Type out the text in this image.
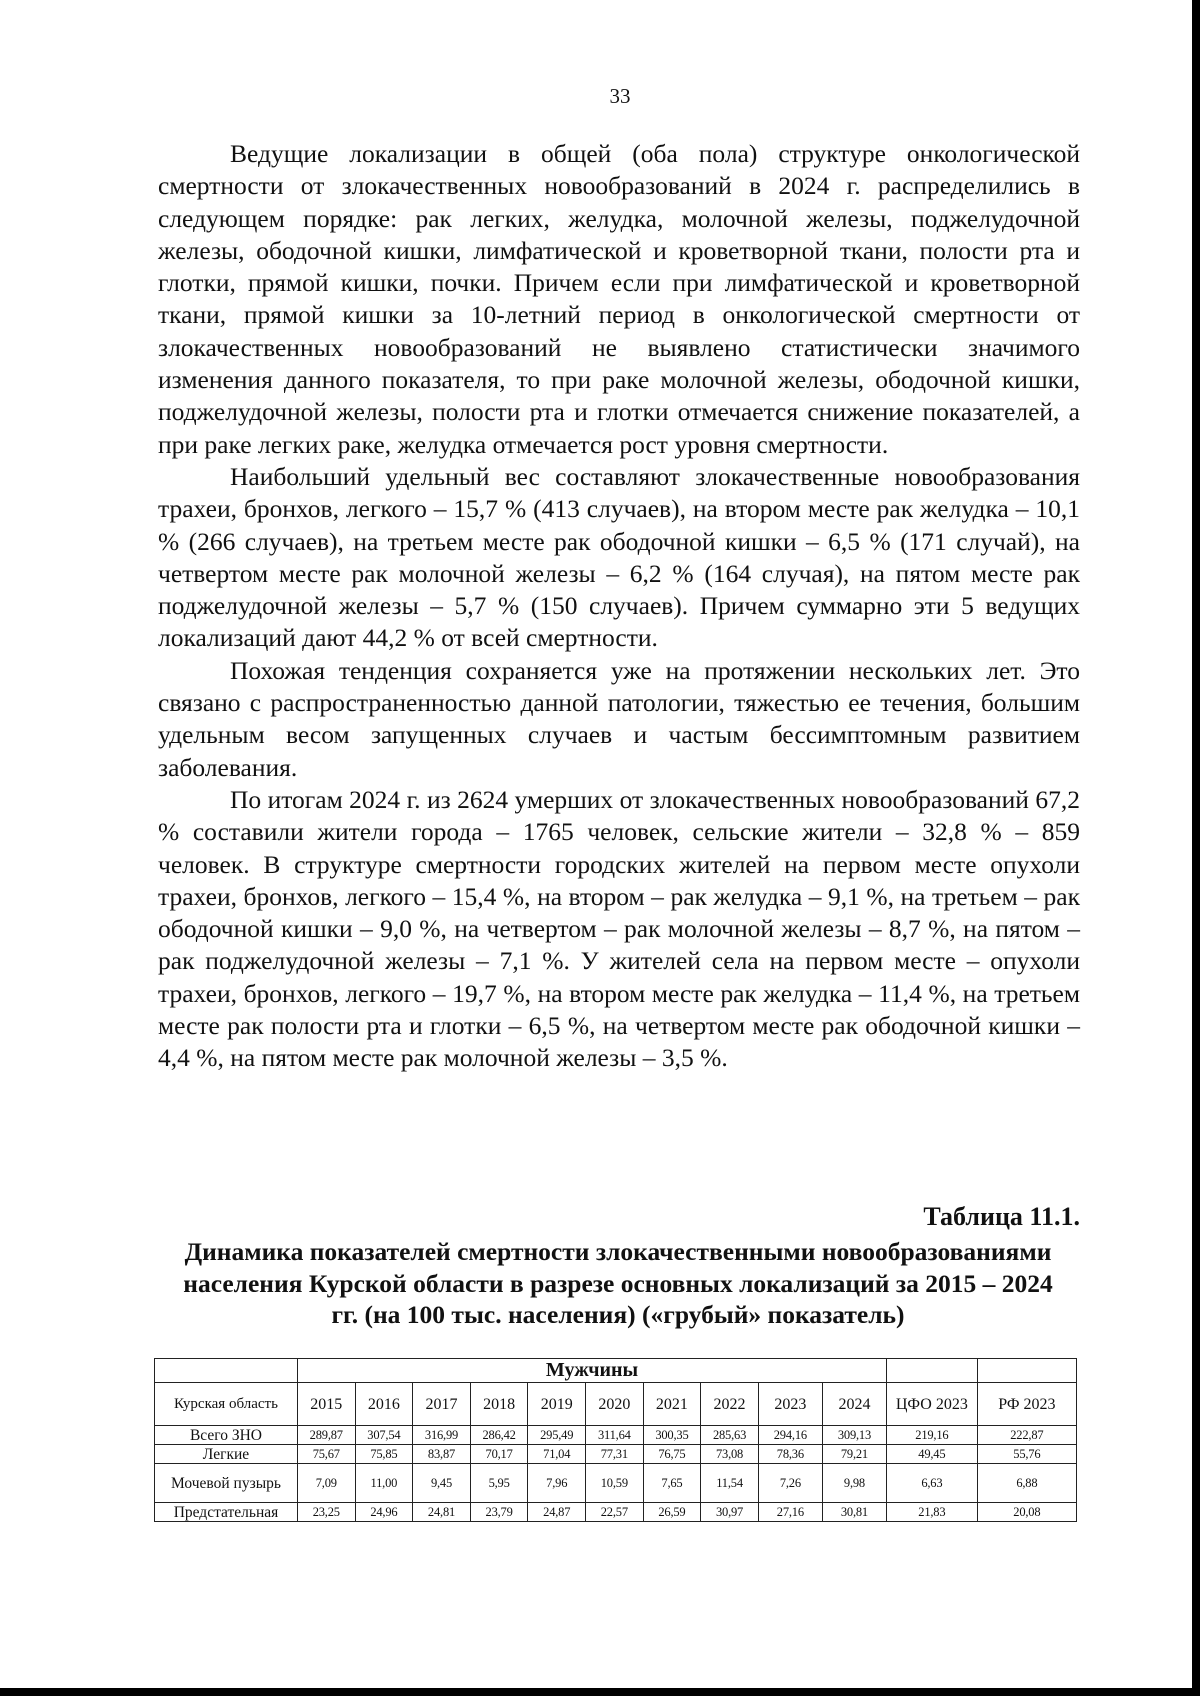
33

Ведущие локализации в общей (оба пола) структуре онкологической смертности от злокачественных новообразований в 2024 г. распределились в следующем порядке: рак легких, желудка, молочной железы, поджелудочной железы, ободочной кишки, лимфатической и кроветворной ткани, полости рта и глотки, прямой кишки, почки. Причем если при лимфатической и кроветворной ткани, прямой кишки за 10-летний период в онкологической смертности от злокачественных новообразований не выявлено статистически значимого изменения данного показателя, то при раке молочной железы, ободочной кишки, поджелудочной железы, полости рта и глотки отмечается снижение показателей, а при раке легких раке, желудка отмечается рост уровня смертности.

Наибольший удельный вес составляют злокачественные новообразования трахеи, бронхов, легкого – 15,7 % (413 случаев), на втором месте рак желудка – 10,1 % (266 случаев), на третьем месте рак ободочной кишки – 6,5 % (171 случай), на четвертом месте рак молочной железы – 6,2 % (164 случая), на пятом месте рак поджелудочной железы – 5,7 % (150 случаев). Причем суммарно эти 5 ведущих локализаций дают 44,2 % от всей смертности.

Похожая тенденция сохраняется уже на протяжении нескольких лет. Это связано с распространенностью данной патологии, тяжестью ее течения, большим удельным весом запущенных случаев и частым бессимптомным развитием заболевания.

По итогам 2024 г. из 2624 умерших от злокачественных новообразований 67,2 % составили жители города – 1765 человек, сельские жители – 32,8 % – 859 человек. В структуре смертности городских жителей на первом месте опухоли трахеи, бронхов, легкого – 15,4 %, на втором – рак желудка – 9,1 %, на третьем – рак ободочной кишки – 9,0 %, на четвертом – рак молочной железы – 8,7 %, на пятом – рак поджелудочной железы – 7,1 %. У жителей села на первом месте – опухоли трахеи, бронхов, легкого – 19,7 %, на втором месте рак желудка – 11,4 %, на третьем месте рак полости рта и глотки – 6,5 %, на четвертом месте рак ободочной кишки – 4,4 %, на пятом месте рак молочной железы – 3,5 %.

Таблица 11.1.
Динамика показателей смертности злокачественными новообразованиями населения Курской области в разрезе основных локализаций за 2015 – 2024 гг. (на 100 тыс. населения) («грубый» показатель)
	Мужчины											
Курская область	2015	2016	2017	2018	2019	2020	2021	2022	2023	2024	ЦФО 2023	РФ 2023
Всего ЗНО	289,87	307,54	316,99	286,42	295,49	311,64	300,35	285,63	294,16	309,13	219,16	222,87
Легкие	75,67	75,85	83,87	70,17	71,04	77,31	76,75	73,08	78,36	79,21	49,45	55,76
Мочевой пузырь	7,09	11,00	9,45	5,95	7,96	10,59	7,65	11,54	7,26	9,98	6,63	6,88
Предстательная	23,25	24,96	24,81	23,79	24,87	22,57	26,59	30,97	27,16	30,81	21,83	20,08
